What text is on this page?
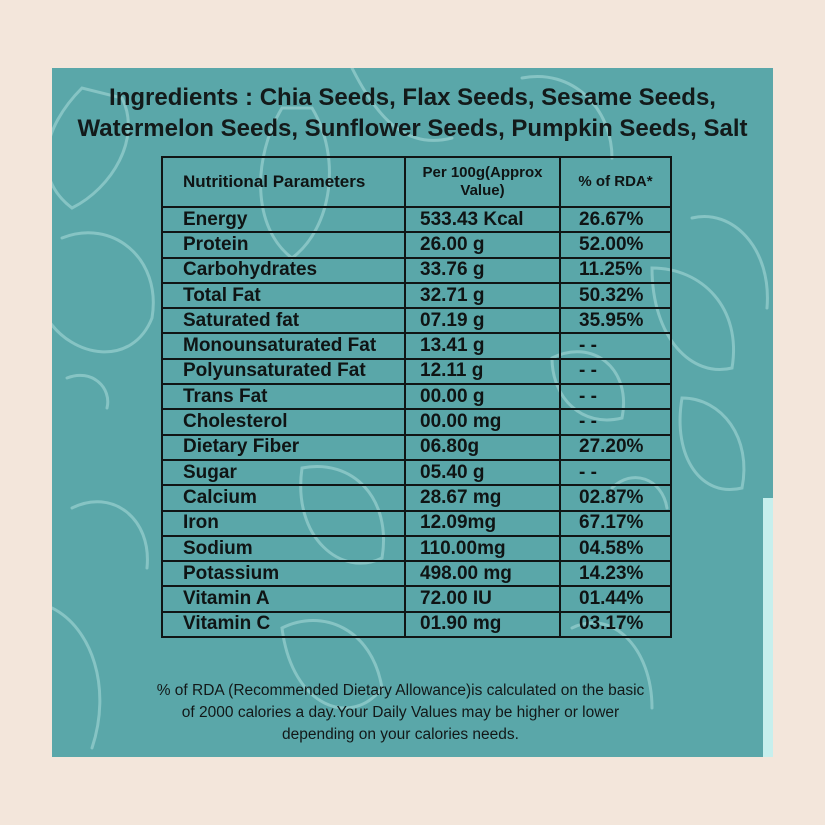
Ingredients : Chia Seeds, Flax Seeds, Sesame Seeds,
Watermelon Seeds, Sunflower Seeds, Pumpkin Seeds, Salt
Nutritional Parameters	Per 100g(Approx Value)	% of RDA*
Energy	533.43 Kcal	26.67%
Protein	26.00 g	52.00%
Carbohydrates	33.76 g	11.25%
Total Fat	32.71 g	50.32%
Saturated fat	07.19 g	35.95%
Monounsaturated Fat	13.41 g	- -
Polyunsaturated Fat	12.11 g	- -
Trans Fat	00.00 g	- -
Cholesterol	00.00 mg	- -
Dietary Fiber	06.80g	27.20%
Sugar	05.40 g	- -
Calcium	28.67 mg	02.87%
Iron	12.09mg	67.17%
Sodium	110.00mg	04.58%
Potassium	498.00 mg	14.23%
Vitamin A	72.00 IU	01.44%
Vitamin C	01.90 mg	03.17%
% of RDA (Recommended Dietary Allowance)is calculated on the basic
of 2000 calories a day.Your Daily Values may be higher or lower
depending on your calories needs.
